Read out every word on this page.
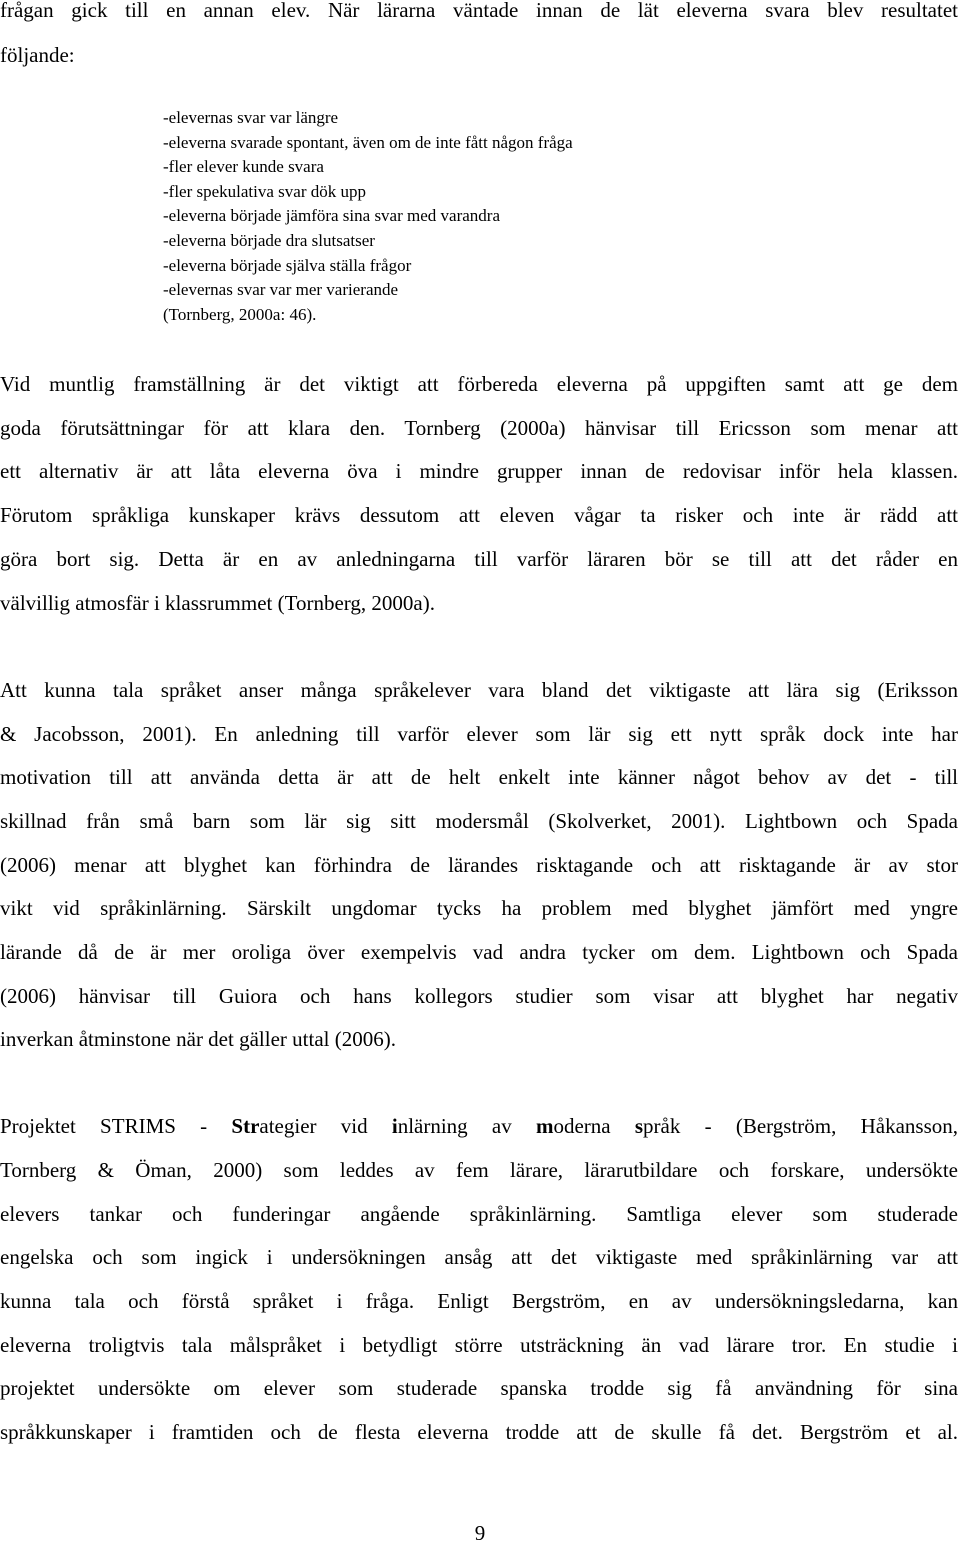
frågan gick till en annan elev. När lärarna väntade innan de lät eleverna svara blev resultatet
följande:
-elevernas svar var längre
-eleverna svarade spontant, även om de inte fått någon fråga
-fler elever kunde svara
-fler spekulativa svar dök upp
-eleverna började jämföra sina svar med varandra
-eleverna började dra slutsatser
-eleverna började själva ställa frågor
-elevernas svar var mer varierande
(Tornberg, 2000a: 46).
Vid muntlig framställning är det viktigt att förbereda eleverna på uppgiften samt att ge dem
goda förutsättningar för att klara den. Tornberg (2000a) hänvisar till Ericsson som menar att
ett alternativ är att låta eleverna öva i mindre grupper innan de redovisar inför hela klassen.
Förutom språkliga kunskaper krävs dessutom att eleven vågar ta risker och inte är rädd att
göra bort sig. Detta är en av anledningarna till varför läraren bör se till att det råder en
välvillig atmosfär i klassrummet (Tornberg, 2000a).
Att kunna tala språket anser många språkelever vara bland det viktigaste att lära sig (Eriksson
& Jacobsson, 2001). En anledning till varför elever som lär sig ett nytt språk dock inte har
motivation till att använda detta är att de helt enkelt inte känner något behov av det - till
skillnad från små barn som lär sig sitt modersmål (Skolverket, 2001). Lightbown och Spada
(2006) menar att blyghet kan förhindra de lärandes risktagande och att risktagande är av stor
vikt vid språkinlärning. Särskilt ungdomar tycks ha problem med blyghet jämfört med yngre
lärande då de är mer oroliga över exempelvis vad andra tycker om dem. Lightbown och Spada
(2006) hänvisar till Guiora och hans kollegors studier som visar att blyghet har negativ
inverkan åtminstone när det gäller uttal (2006).
Projektet STRIMS - Strategier vid inlärning av moderna språk - (Bergström, Håkansson,
Tornberg & Öman, 2000) som leddes av fem lärare, lärarutbildare och forskare, undersökte
elevers tankar och funderingar angående språkinlärning. Samtliga elever som studerade
engelska och som ingick i undersökningen ansåg att det viktigaste med språkinlärning var att
kunna tala och förstå språket i fråga. Enligt Bergström, en av undersökningsledarna, kan
eleverna troligtvis tala målspråket i betydligt större utsträckning än vad lärare tror. En studie i
projektet undersökte om elever som studerade spanska trodde sig få användning för sina
språkkunskaper i framtiden och de flesta eleverna trodde att de skulle få det. Bergström et al.
9
